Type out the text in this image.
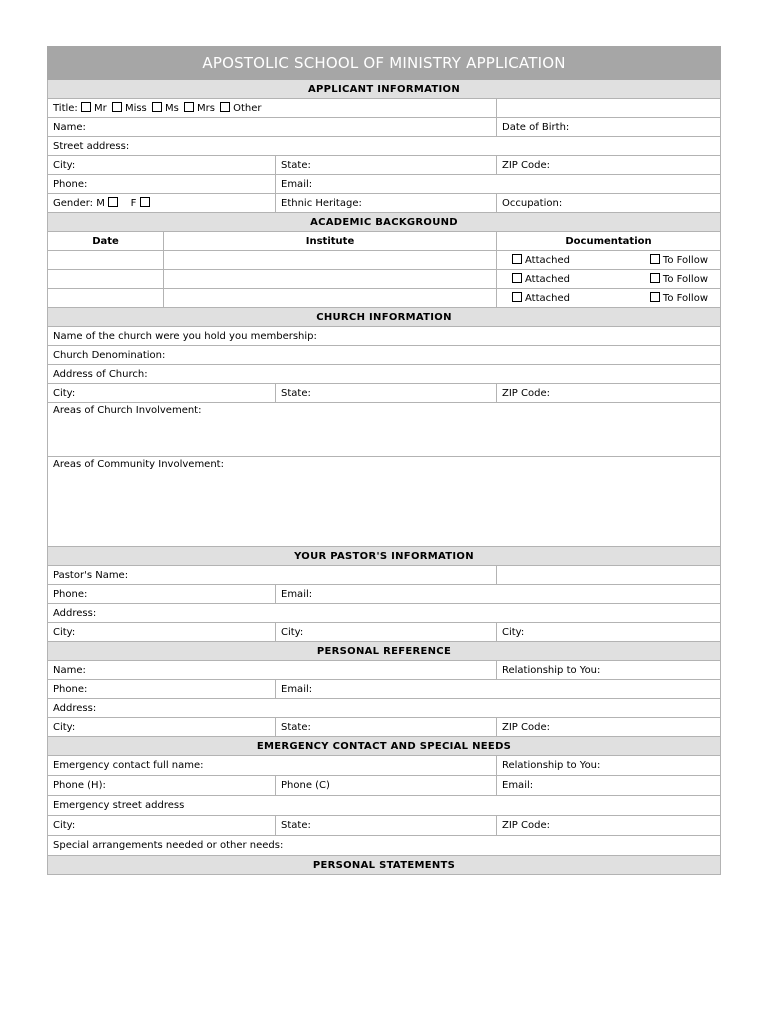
APOSTOLIC SCHOOL OF MINISTRY APPLICATION			
APPLICANT INFORMATION			
Title: Mr Miss Ms Mrs Other			
Name:			Date of Birth:
Street address:			
City:		State:	ZIP Code:
Phone:		Email:	
Gender: M F		Ethnic Heritage:	Occupation:
ACADEMIC BACKGROUND			
Date	Institute		Documentation

			Attached To Follow

			Attached To Follow

			Attached To Follow

CHURCH INFORMATION			
Name of the church were you hold you membership:			
Church Denomination:			
Address of Church:			
City:		State:	ZIP Code:
Areas of Church Involvement:			
Areas of Community Involvement:			
YOUR PASTOR'S INFORMATION			
Pastor's Name:			
Phone:		Email:	
Address:			
City:		City:	City:
PERSONAL REFERENCE			
Name:			Relationship to You:
Phone:		Email:	
Address:			
City:		State:	ZIP Code:
EMERGENCY CONTACT AND SPECIAL NEEDS			
Emergency contact full name:			Relationship to You:
Phone (H):		Phone (C)	Email:
Emergency street address			
City:		State:	ZIP Code:
Special arrangements needed or other needs:			
PERSONAL STATEMENTS			
